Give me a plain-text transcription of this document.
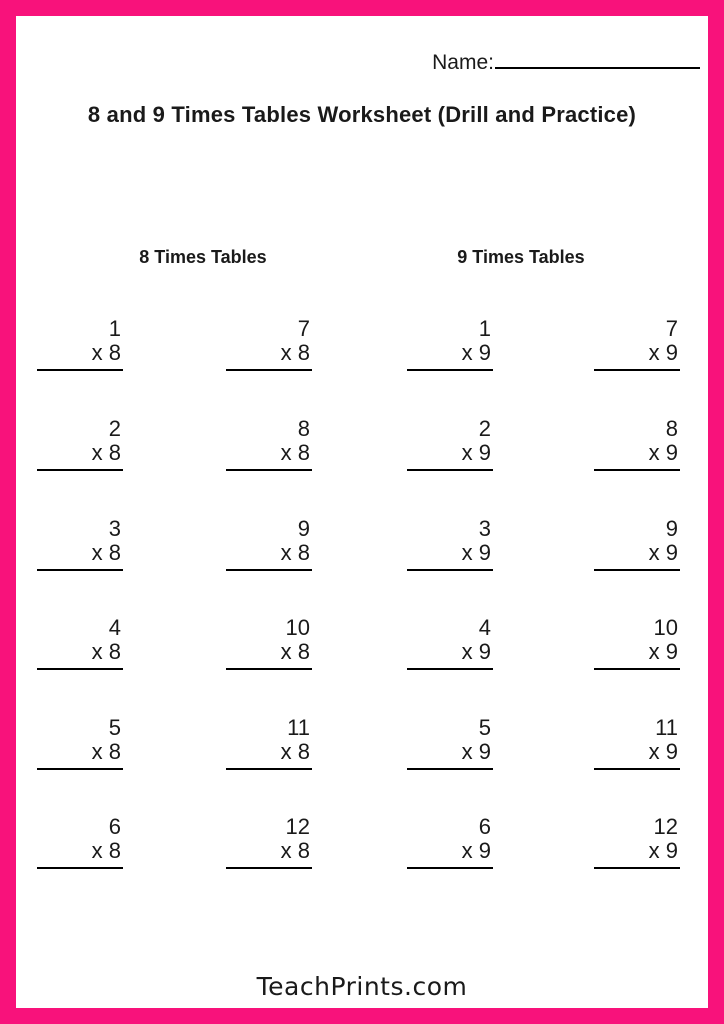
Name:
8 and 9 Times Tables Worksheet (Drill and Practice)
8 Times Tables	9 Times Tables
1
x 8
2
x 8
3
x 8
4
x 8
5
x 8
6
x 8
7
x 8
8
x 8
9
x 8
10
x 8
11
x 8
12
x 8
1
x 9
2
x 9
3
x 9
4
x 9
5
x 9
6
x 9
7
x 9
8
x 9
9
x 9
10
x 9
11
x 9
12
x 9
TeachPrints.com
